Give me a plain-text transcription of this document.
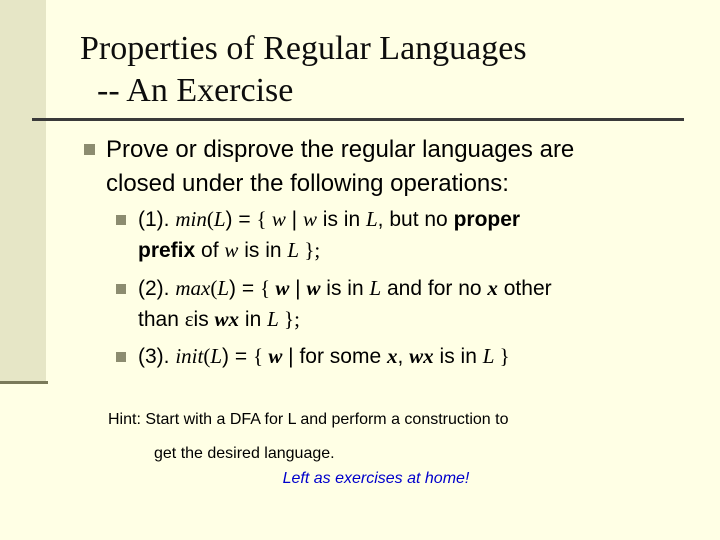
Properties of Regular Languages
-- An Exercise
Prove or disprove the regular languages are
closed under the following operations:
(1). min(L) = { w | w is in L, but no proper
prefix of w is in L };
(2). max(L) = { w | w is in L and for no x other
than εis wx in L };
(3). init(L) = { w | for some x, wx is in L }
Hint: Start with a DFA for L and perform a construction to
get the desired language.
Left as exercises at home!
